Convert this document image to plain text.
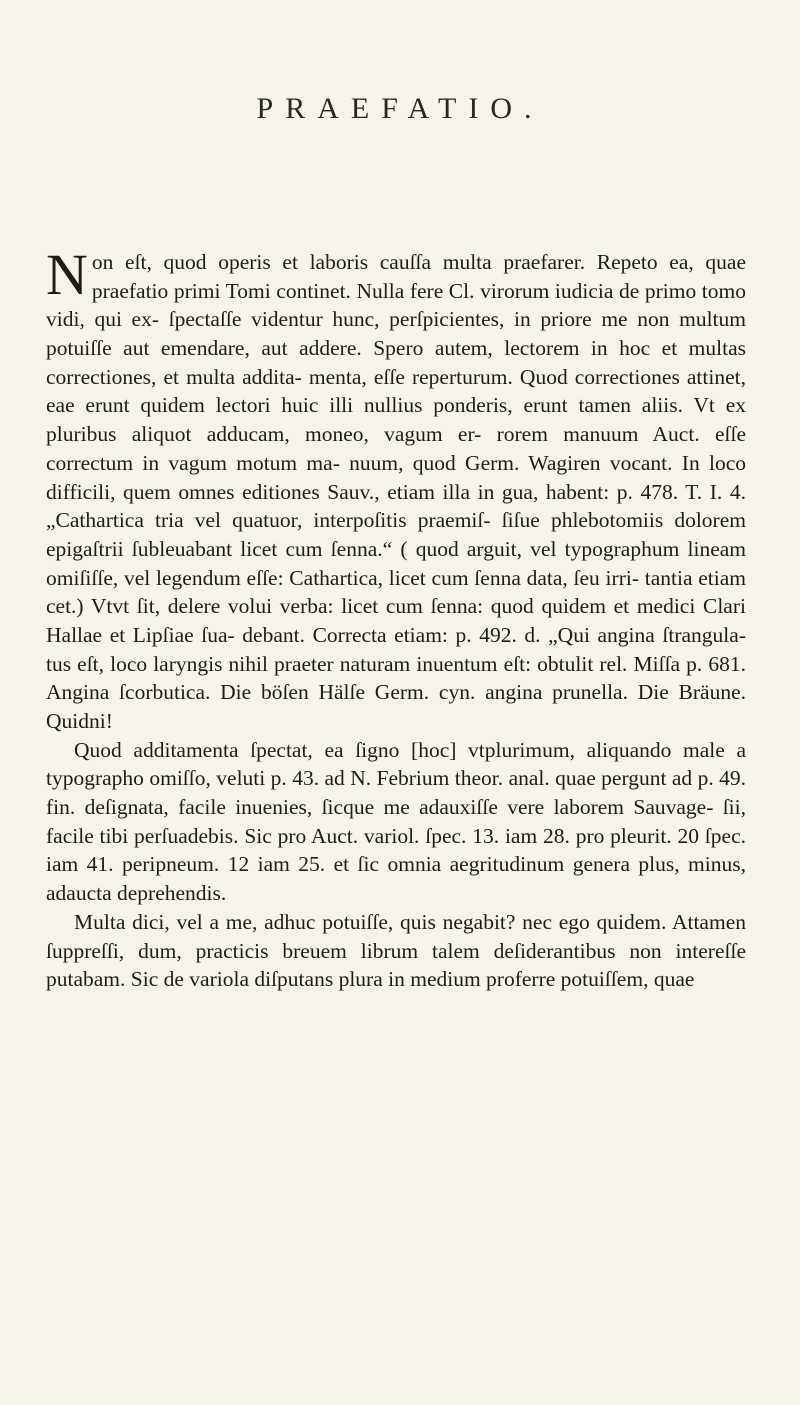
PRAEFATIO.

Non eſt, quod operis et laboris cauſſa multa praefarer. Repeto ea, quae praefatio primi Tomi continet. Nulla fere Cl. virorum iudicia de primo tomo vidi, qui ex- ſpectaſſe videntur hunc, perſpicientes, in priore me non multum potuiſſe aut emendare, aut addere. Spero autem, lectorem in hoc et multas correctiones, et multa addita- menta, eſſe reperturum. Quod correctiones attinet, eae erunt quidem lectori huic illi nullius ponderis, erunt tamen aliis. Vt ex pluribus aliquot adducam, moneo, vagum er- rorem manuum Auct. eſſe correctum in vagum motum ma- nuum, quod Germ. Wagiren vocant. In loco difficili, quem omnes editiones Sauv., etiam illa in gua, habent: p. 478. T. I. 4. „Cathartica tria vel quatuor, interpoſitis praemiſ- ſiſue phlebotomiis dolorem epigaſtrii ſubleuabant licet cum ſenna.“ ( quod arguit, vel typographum lineam omiſiſſe, vel legendum eſſe: Cathartica, licet cum ſenna data, ſeu irri- tantia etiam cet.) Vtvt ſit, delere volui verba: licet cum ſenna: quod quidem et medici Clari Hallae et Lipſiae ſua- debant. Correcta etiam: p. 492. d. „Qui angina ſtrangula- tus eſt, loco laryngis nihil praeter naturam inuentum eſt: obtulit rel. Miſſa p. 681. Angina ſcorbutica. Die böſen Hälſe Germ. cyn. angina prunella. Die Bräune. Quidni!

Quod additamenta ſpectat, ea ſigno [hoc] vtplurimum, aliquando male a typographo omiſſo, veluti p. 43. ad N. Febrium theor. anal. quae pergunt ad p. 49. fin. deſignata, facile inuenies, ſicque me adauxiſſe vere laborem Sauvage- ſii, facile tibi perſuadebis. Sic pro Auct. variol. ſpec. 13. iam 28. pro pleurit. 20 ſpec. iam 41. peripneum. 12 iam 25. et ſic omnia aegritudinum genera plus, minus, adaucta deprehendis.

Multa dici, vel a me, adhuc potuiſſe, quis negabit? nec ego quidem. Attamen ſuppreſſi, dum, practicis breuem librum talem deſiderantibus non intereſſe putabam. Sic de variola diſputans plura in medium proferre potuiſſem, quae
